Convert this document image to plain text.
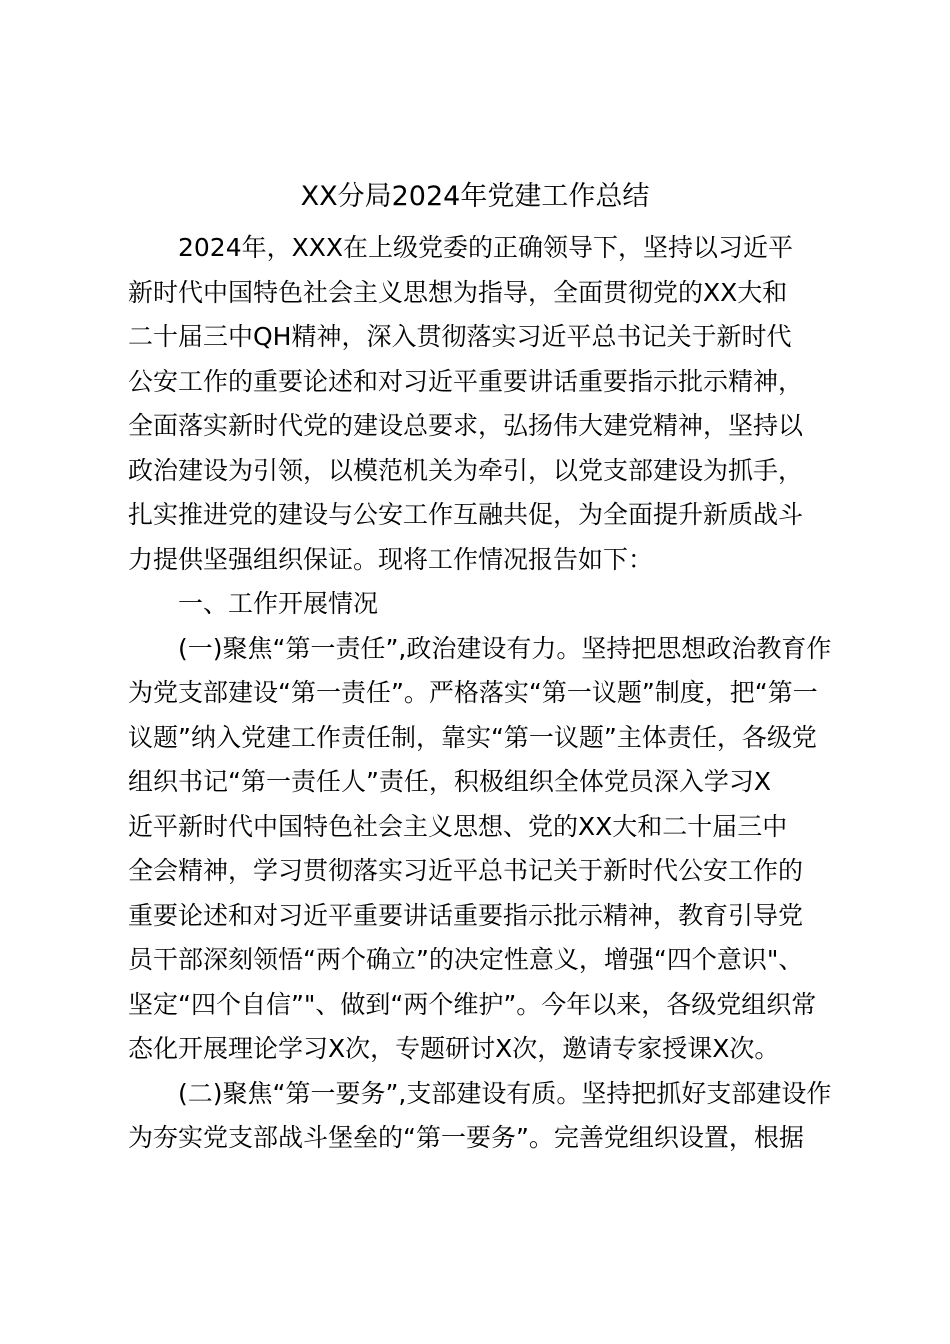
XX分局2024年党建工作总结
2024年，XXX在上级党委的正确领导下，坚持以习近平
新时代中国特色社会主义思想为指导，全面贯彻党的XX大和
二十届三中QH精神，深入贯彻落实习近平总书记关于新时代
公安工作的重要论述和对习近平重要讲话重要指示批示精神，
全面落实新时代党的建设总要求，弘扬伟大建党精神，坚持以
政治建设为引领，以模范机关为牵引，以党支部建设为抓手，
扎实推进党的建设与公安工作互融共促，为全面提升新质战斗
力提供坚强组织保证。现将工作情况报告如下：
一、工作开展情况
(一)聚焦“第一责任”,政治建设有力。坚持把思想政治教育作
为党支部建设“第一责任”。严格落实“第一议题”制度，把“第一
议题”纳入党建工作责任制，靠实“第一议题”主体责任，各级党
组织书记“第一责任人”责任，积极组织全体党员深入学习X
近平新时代中国特色社会主义思想、党的XX大和二十届三中
全会精神，学习贯彻落实习近平总书记关于新时代公安工作的
重要论述和对习近平重要讲话重要指示批示精神，教育引导党
员干部深刻领悟“两个确立”的决定性意义，增强“四个意识"、
坚定“四个自信”"、做到“两个维护”。今年以来，各级党组织常
态化开展理论学习X次，专题研讨X次，邀请专家授课X次。
(二)聚焦“第一要务”,支部建设有质。坚持把抓好支部建设作
为夯实党支部战斗堡垒的“第一要务”。完善党组织设置，根据
